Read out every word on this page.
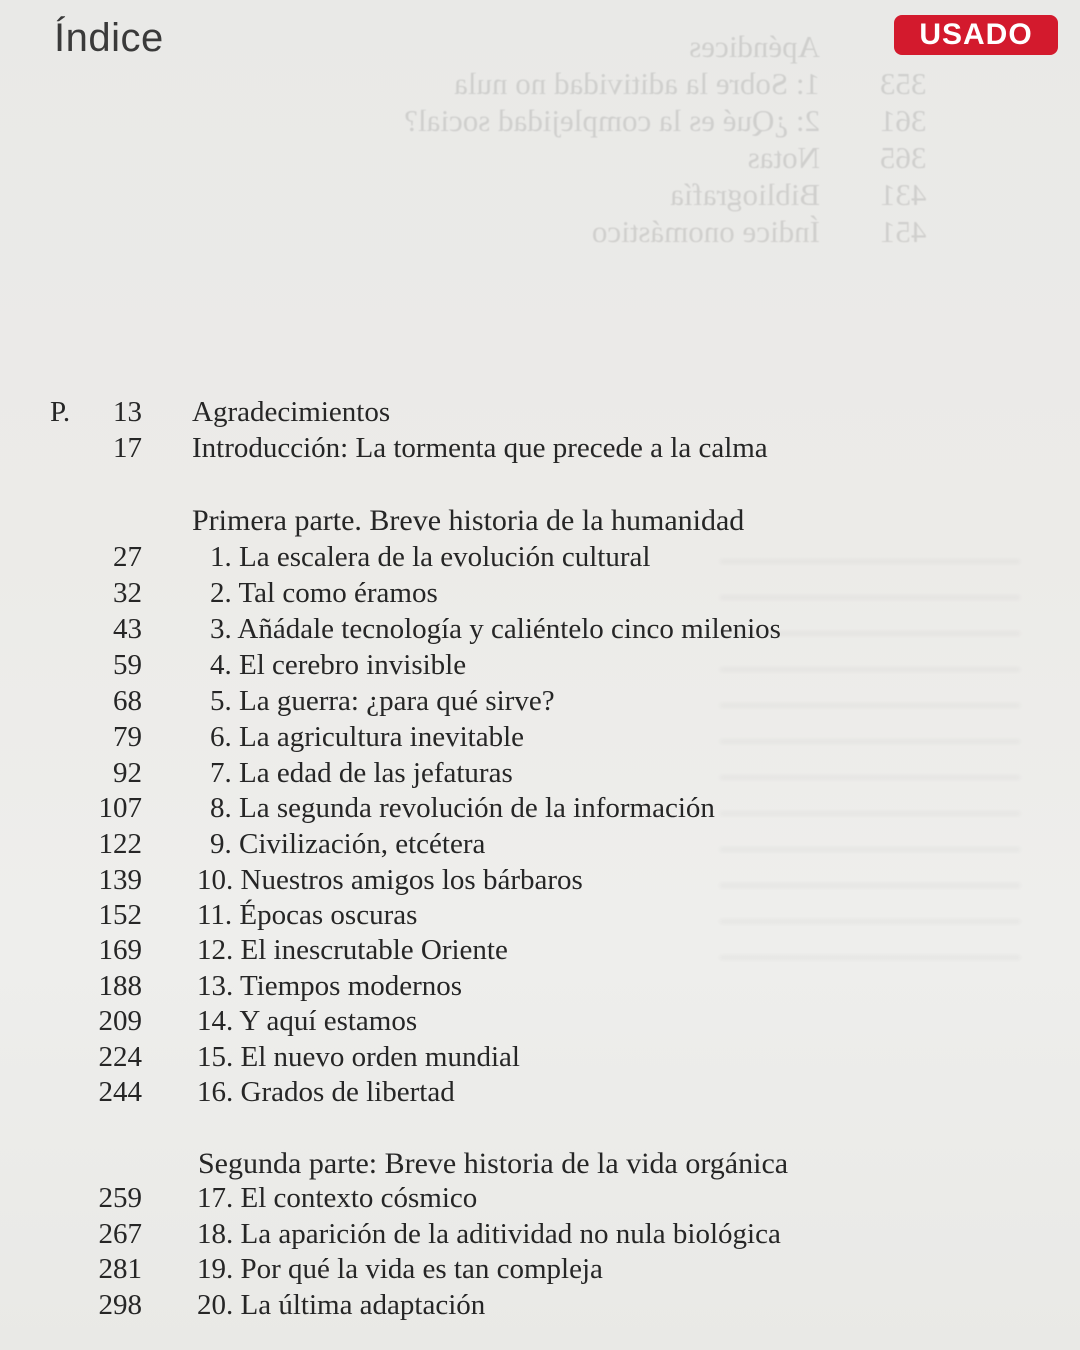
Índice	USADO
Apéndices
353
1: Sobre la aditividad no nula
361
2: ¿Qué es la complejidad social?
365
Notas
431
Bibliografía
451
Índice onomástico
P. 13 Agradecimientos
17 Introducción: La tormenta que precede a la calma
Primera parte. Breve historia de la humanidad
27 1. La escalera de la evolución cultural
32 2. Tal como éramos
43 3. Añádale tecnología y caliéntelo cinco milenios
59 4. El cerebro invisible
68 5. La guerra: ¿para qué sirve?
79 6. La agricultura inevitable
92 7. La edad de las jefaturas
107 8. La segunda revolución de la información
122 9. Civilización, etcétera
139 10. Nuestros amigos los bárbaros
152 11. Épocas oscuras
169 12. El inescrutable Oriente
188 13. Tiempos modernos
209 14. Y aquí estamos
224 15. El nuevo orden mundial
244 16. Grados de libertad
Segunda parte: Breve historia de la vida orgánica
259 17. El contexto cósmico
267 18. La aparición de la aditividad no nula biológica
281 19. Por qué la vida es tan compleja
298 20. La última adaptación
